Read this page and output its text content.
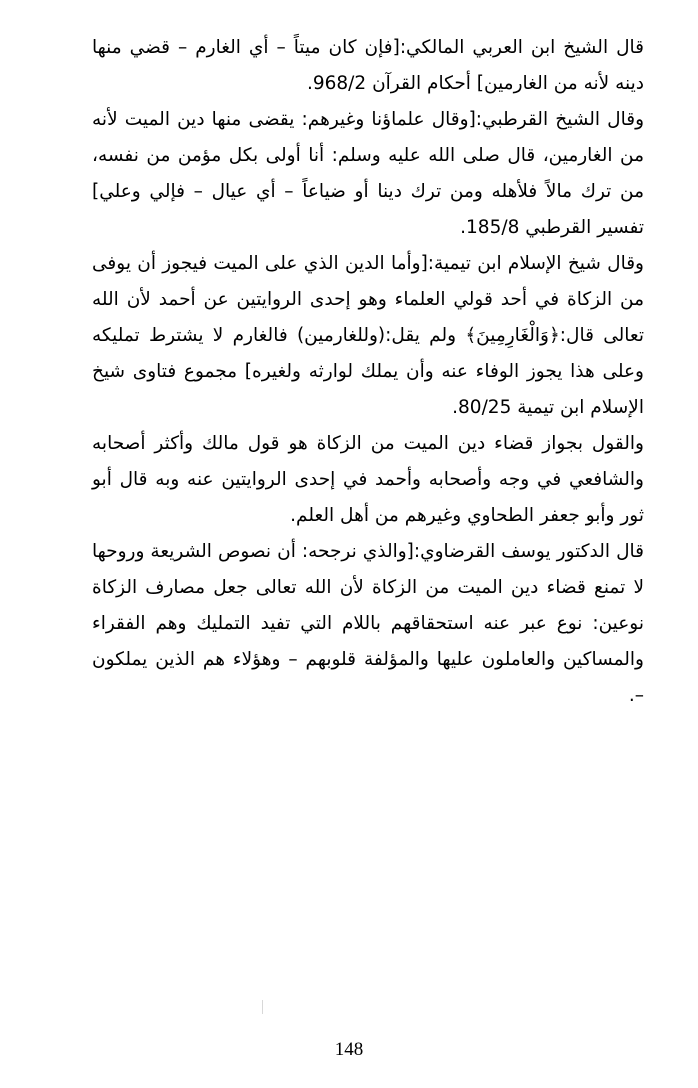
قال الشيخ ابن العربي المالكي:[فإن كان ميتاً – أي الغارم – قضي منها دينه لأنه من الغارمين] أحكام القرآن 968/2.

وقال الشيخ القرطبي:[وقال علماؤنا وغيرهم: يقضى منها دين الميت لأنه من الغارمين، قال صلى الله عليه وسلم: أنا أولى بكل مؤمن من نفسه، من ترك مالاً فلأهله ومن ترك دينا أو ضياعاً – أي عيال – فإلي وعلي] تفسير القرطبي 185/8.

وقال شيخ الإسلام ابن تيمية:[وأما الدين الذي على الميت فيجوز أن يوفى من الزكاة في أحد قولي العلماء وهو إحدى الروايتين عن أحمد لأن الله تعالى قال:﴿وَالْغَارِمِينَ﴾ ولم يقل:(وللغارمين) فالغارم لا يشترط تمليكه وعلى هذا يجوز الوفاء عنه وأن يملك لوارثه ولغيره] مجموع فتاوى شيخ الإسلام ابن تيمية 80/25.

والقول بجواز قضاء دين الميت من الزكاة هو قول مالك وأكثر أصحابه والشافعي في وجه وأصحابه وأحمد في إحدى الروايتين عنه وبه قال أبو ثور وأبو جعفر الطحاوي وغيرهم من أهل العلم.

قال الدكتور يوسف القرضاوي:[والذي نرجحه: أن نصوص الشريعة وروحها لا تمنع قضاء دين الميت من الزكاة لأن الله تعالى جعل مصارف الزكاة نوعين: نوع عبر عنه استحقاقهم باللام التي تفيد التمليك وهم الفقراء والمساكين والعاملون عليها والمؤلفة قلوبهم – وهؤلاء هم الذين يملكون –.

148
